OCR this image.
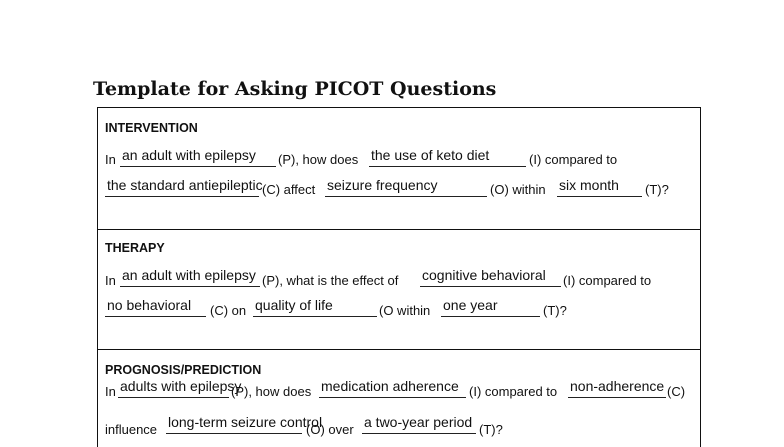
Template for Asking PICOT Questions
INTERVENTION
In an adult with epilepsy	(P), how does the use of keto diet	(I) compared to
the standard antiepileptic (C) affect seizure frequency	(O) within six month	(T)?
THERAPY
In an adult with epilepsy (P), what is the effect of cognitive behavioral	(I) compared to
no behavioral	(C) on quality of life	(O within one year	(T)?
PROGNOSIS/PREDICTION
In adults with epilepsy
(P), how does medication adherence (I) compared to non-adherence (C)
influence long-term seizure control
(O) over a two-year period (T)?
